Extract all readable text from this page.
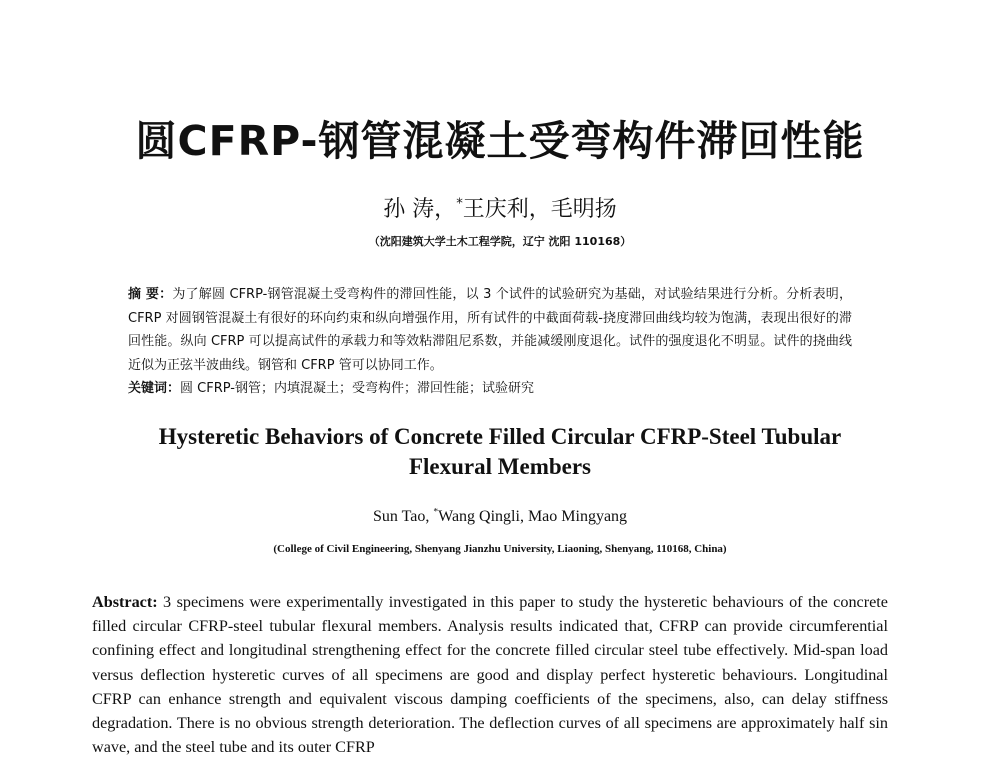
圆CFRP-钢管混凝土受弯构件滞回性能
孙 涛，*王庆利，毛明扬
（沈阳建筑大学土木工程学院，辽宁 沈阳 110168）

摘 要：为了解圆 CFRP-钢管混凝土受弯构件的滞回性能，以 3 个试件的试验研究为基础，对试验结果进行分析。分析表明，CFRP 对圆钢管混凝土有很好的环向约束和纵向增强作用，所有试件的中截面荷载-挠度滞回曲线均较为饱满，表现出很好的滞回性能。纵向 CFRP 可以提高试件的承载力和等效粘滞阻尼系数，并能减缓刚度退化。试件的强度退化不明显。试件的挠曲线近似为正弦半波曲线。钢管和 CFRP 管可以协同工作。

关键词：圆 CFRP-钢管；内填混凝土；受弯构件；滞回性能；试验研究

Hysteretic Behaviors of Concrete Filled Circular CFRP-Steel Tubular
Flexural Members
Sun Tao, *Wang Qingli, Mao Mingyang
(College of Civil Engineering, Shenyang Jianzhu University, Liaoning, Shenyang, 110168, China)

Abstract: 3 specimens were experimentally investigated in this paper to study the hysteretic behaviours of the concrete filled circular CFRP-steel tubular flexural members. Analysis results indicated that, CFRP can provide circumferential confining effect and longitudinal strengthening effect for the concrete filled circular steel tube effectively. Mid-span load versus deflection hysteretic curves of all specimens are good and display perfect hysteretic behaviours. Longitudinal CFRP can enhance strength and equivalent viscous damping coefficients of the specimens, also, can delay stiffness degradation. There is no obvious strength deterioration. The deflection curves of all specimens are approximately half sin wave, and the steel tube and its outer CFRP
